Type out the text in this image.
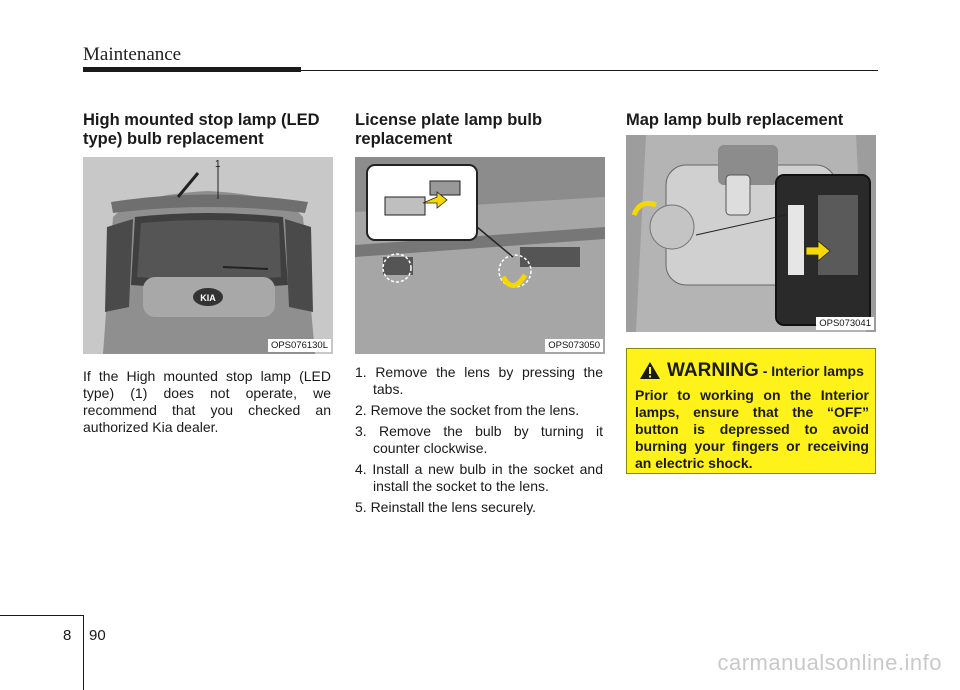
Maintenance
High mounted stop lamp (LED type) bulb replacement
KIA
1
OPS076130L
If the High mounted stop lamp (LED type) (1) does not operate, we recommend that you checked an authorized Kia dealer.
License plate lamp bulb replacement
OPS073050
1. Remove the lens by pressing the tabs.
2. Remove the socket from the lens.
3. Remove the bulb by turning it counter clockwise.
4. Install a new bulb in the socket and install the socket to the lens.
5. Reinstall the lens securely.
Map lamp bulb replacement
OPS073041
WARNING - Interior lamps
Prior to working on the Interior lamps, ensure that the “OFF” button is depressed to avoid burning your fingers or receiving an electric shock.
8 90
carmanualsonline.info
